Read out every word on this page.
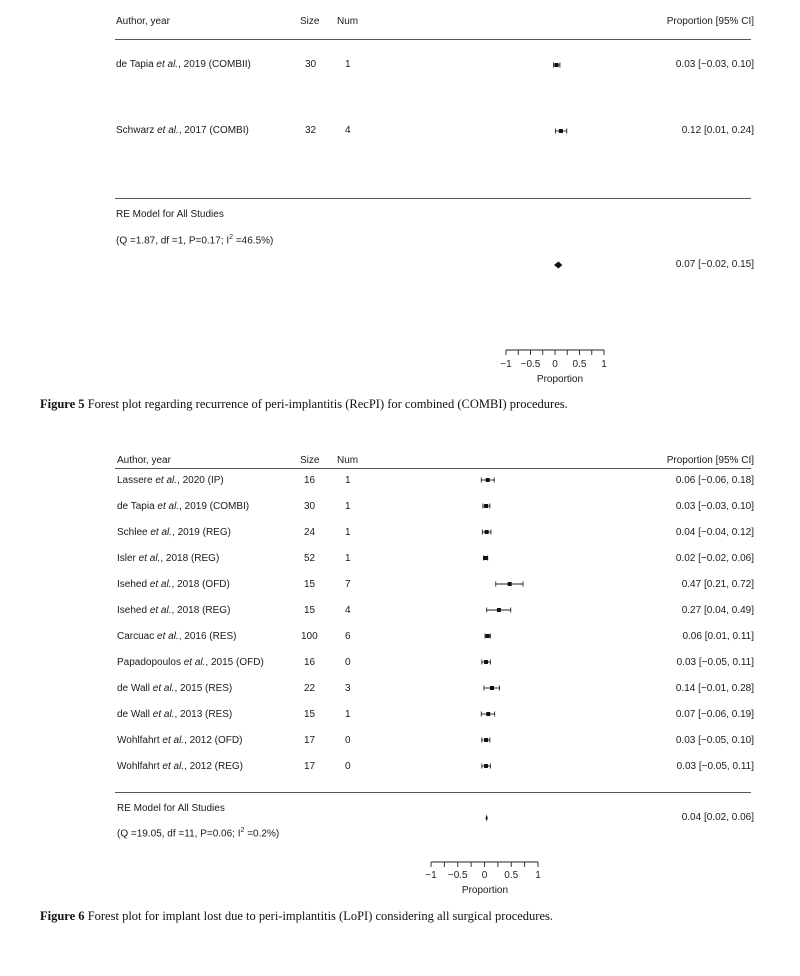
Author, year	Size Num	Proportion [95% CI]
de Tapia et al., 2019 (COMBII)	30	1	0.03 [−0.03, 0.10]
Schwarz et al., 2017 (COMBI)	32	4	0.12 [0.01, 0.24]
RE Model for All Studies
(Q =1.87, df =1, P=0.17; $I^2 =46.5\%$)
0.07 [−0.02, 0.15]
Proportion
Figure 5 Forest plot regarding recurrence of peri-implantitis (RecPI) for combined (COMBI) procedures.
Author, year	Size Num	Proportion [95% CI]
Lassere et al., 2020 (IP)	16	1	0.06 [−0.06, 0.18]
de Tapia et al., 2019 (COMBI)	30	1	0.03 [−0.03, 0.10]
Schlee et al., 2019 (REG)	24	1	0.04 [−0.04, 0.12]
Isler et al., 2018 (REG)	52	1	0.02 [−0.02, 0.06]
Isehed et al., 2018 (OFD)	15	7	0.47 [0.21, 0.72]
Isehed et al., 2018 (REG)	15	4	0.27 [0.04, 0.49]
Carcuac et al., 2016 (RES)	100	6	0.06 [0.01, 0.11]
Papadopoulos et al., 2015 (OFD)	16	0	0.03 [−0.05, 0.11]
de Wall et al., 2015 (RES)	22	3	0.14 [−0.01, 0.28]
de Wall et al., 2013 (RES)	15	1	0.07 [−0.06, 0.19]
Wohlfahrt et al., 2012 (OFD)	17	0	0.03 [−0.05, 0.10]
Wohlfahrt et al., 2012 (REG)	17	0	0.03 [−0.05, 0.11]
RE Model for All Studies
(Q =19.05, df =11, P=0.06; $I^2 =0.2\%$)
0.04 [0.02, 0.06]
Proportion
Figure 6 Forest plot for implant lost due to peri-implantitis (LoPI) considering all surgical procedures.
−1 −0.5 0 0.5 1
−1 −0.5 0 0.5 1
